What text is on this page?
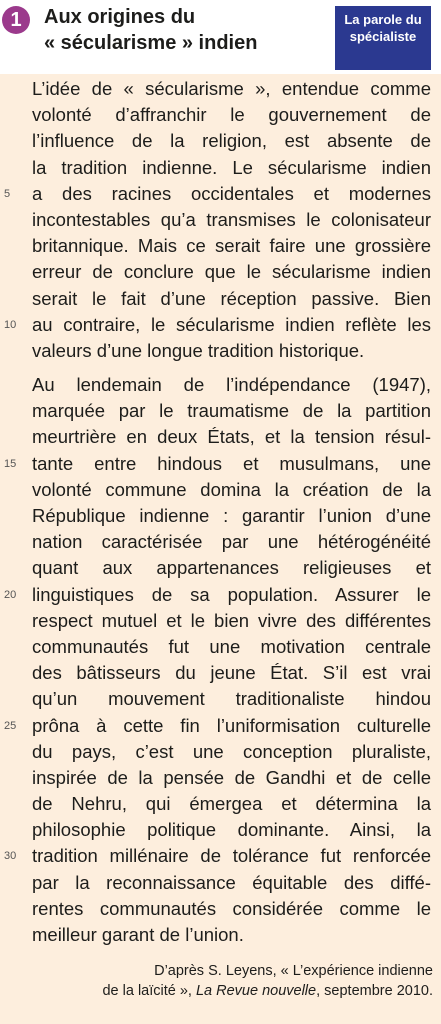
1	Aux origines du
« sécularisme » indien
La parole du
spécialiste
L’idée de « sécularisme », entendue comme
volonté d’affranchir le gouvernement de
l’influence de la religion, est absente de
la tradition indienne. Le sécularisme indien
5	a des racines occidentales et modernes
incontestables qu’a transmises le colonisateur
britannique. Mais ce serait faire une grossière
erreur de conclure que le sécularisme indien
serait le fait d’une réception passive. Bien
10 au contraire, le sécularisme indien reflète les
valeurs d’une longue tradition historique.
Au lendemain de l’indépendance (1947),
marquée par le traumatisme de la partition
meurtrière en deux États, et la tension résul-
15 tante entre hindous et musulmans, une
volonté commune domina la création de la
République indienne : garantir l’union d’une
nation caractérisée par une hétérogénéité
quant aux appartenances religieuses et
20 linguistiques de sa population. Assurer le
respect mutuel et le bien vivre des différentes
communautés fut une motivation centrale
des bâtisseurs du jeune État. S’il est vrai
qu’un mouvement traditionaliste hindou
25 prôna à cette fin l’uniformisation culturelle
du pays, c’est une conception pluraliste,
inspirée de la pensée de Gandhi et de celle
de Nehru, qui émergea et détermina la
philosophie politique dominante. Ainsi, la
30 tradition millénaire de tolérance fut renforcée
par la reconnaissance équitable des diffé-
rentes communautés considérée comme le
meilleur garant de l’union.
D’après S. Leyens, « L’expérience indienne
de la laïcité », La Revue nouvelle, septembre 2010.
